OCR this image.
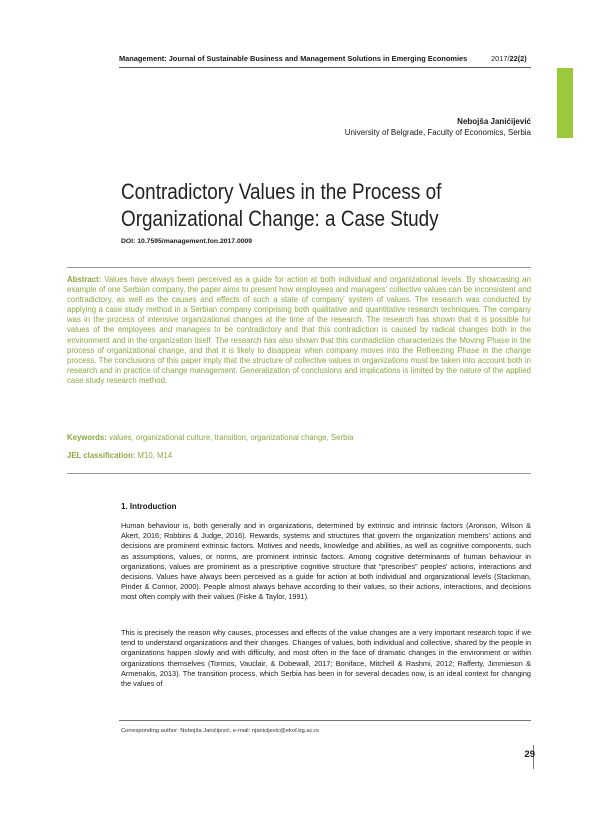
Management: Journal of Sustainable Business and Management Solutions in Emerging Economies	2017/22(2)
Nebojša Janićijević
University of Belgrade, Faculty of Economics, Serbia
Contradictory Values in the Process of
Organizational Change: a Case Study
DOI: 10.7595/management.fon.2017.0009
Abstract: Values have always been perceived as a guide for action at both individual and organizational levels. By showcasing an example of one Serbian company, the paper aims to present how employees and managers' collective values can be inconsistent and contradictory, as well as the causes and effects of such a state of company' system of values. The research was conducted by applying a case study method in a Serbian company comprising both qualitative and quantitative research techniques. The company was in the process of intensive organizational changes at the time of the research. The research has shown that it is possible for values of the employees and managers to be contradictory and that this contradiction is caused by radical changes both in the environment and in the organization itself. The research has also shown that this contradiction characterizes the Moving Phase in the process of organizational change, and that it is likely to disappear when company moves into the Refreezing Phase in the change process. The conclusions of this paper imply that the structure of collective values in organizations must be taken into account both in research and in practice of change management. Generalization of conclusions and implications is limited by the nature of the applied case study research method.
Keywords: values, organizational culture, transition, organizational change, Serbia
JEL classification: M10, M14
1. Introduction
Human behaviour is, both generally and in organizations, determined by extrinsic and intrinsic factors (Aronson, Wilson & Akert, 2016; Robbins & Judge, 2016). Rewards, systems and structures that govern the organization members' actions and decisions are prominent extrinsic factors. Motives and needs, knowledge and abilities, as well as cognitive components, such as assumptions, values, or norms, are prominent intrinsic factors. Among cognitive determinants of human behaviour in organizations, values are prominent as a prescriptive cognitive structure that “prescribes” peoples' actions, interactions and decisions. Values have always been perceived as a guide for action at both individual and organizational levels (Stackman, Pinder & Connor, 2000). People almost always behave according to their values, so their actions, interactions, and decisions most often comply with their values (Fiske & Taylor, 1991).
This is precisely the reason why causes, processes and effects of the value changes are a very important research topic if we tend to understand organizations and their changes. Changes of values, both individual and collective, shared by the people in organizations happen slowly and with difficulty, and most often in the face of dramatic changes in the environment or within organizations themselves (Tormos, Vauclair, & Dobewall, 2017; Boniface, Mitchell & Rashmi, 2012; Rafferty, Jimmieson & Armenakis, 2013). The transition process, which Serbia has been in for several decades now, is an ideal context for changing the values of
Corresponding author: Nebojša Janićijević, e-mail: njanicijevic@ekof.bg.ac.rs
29
